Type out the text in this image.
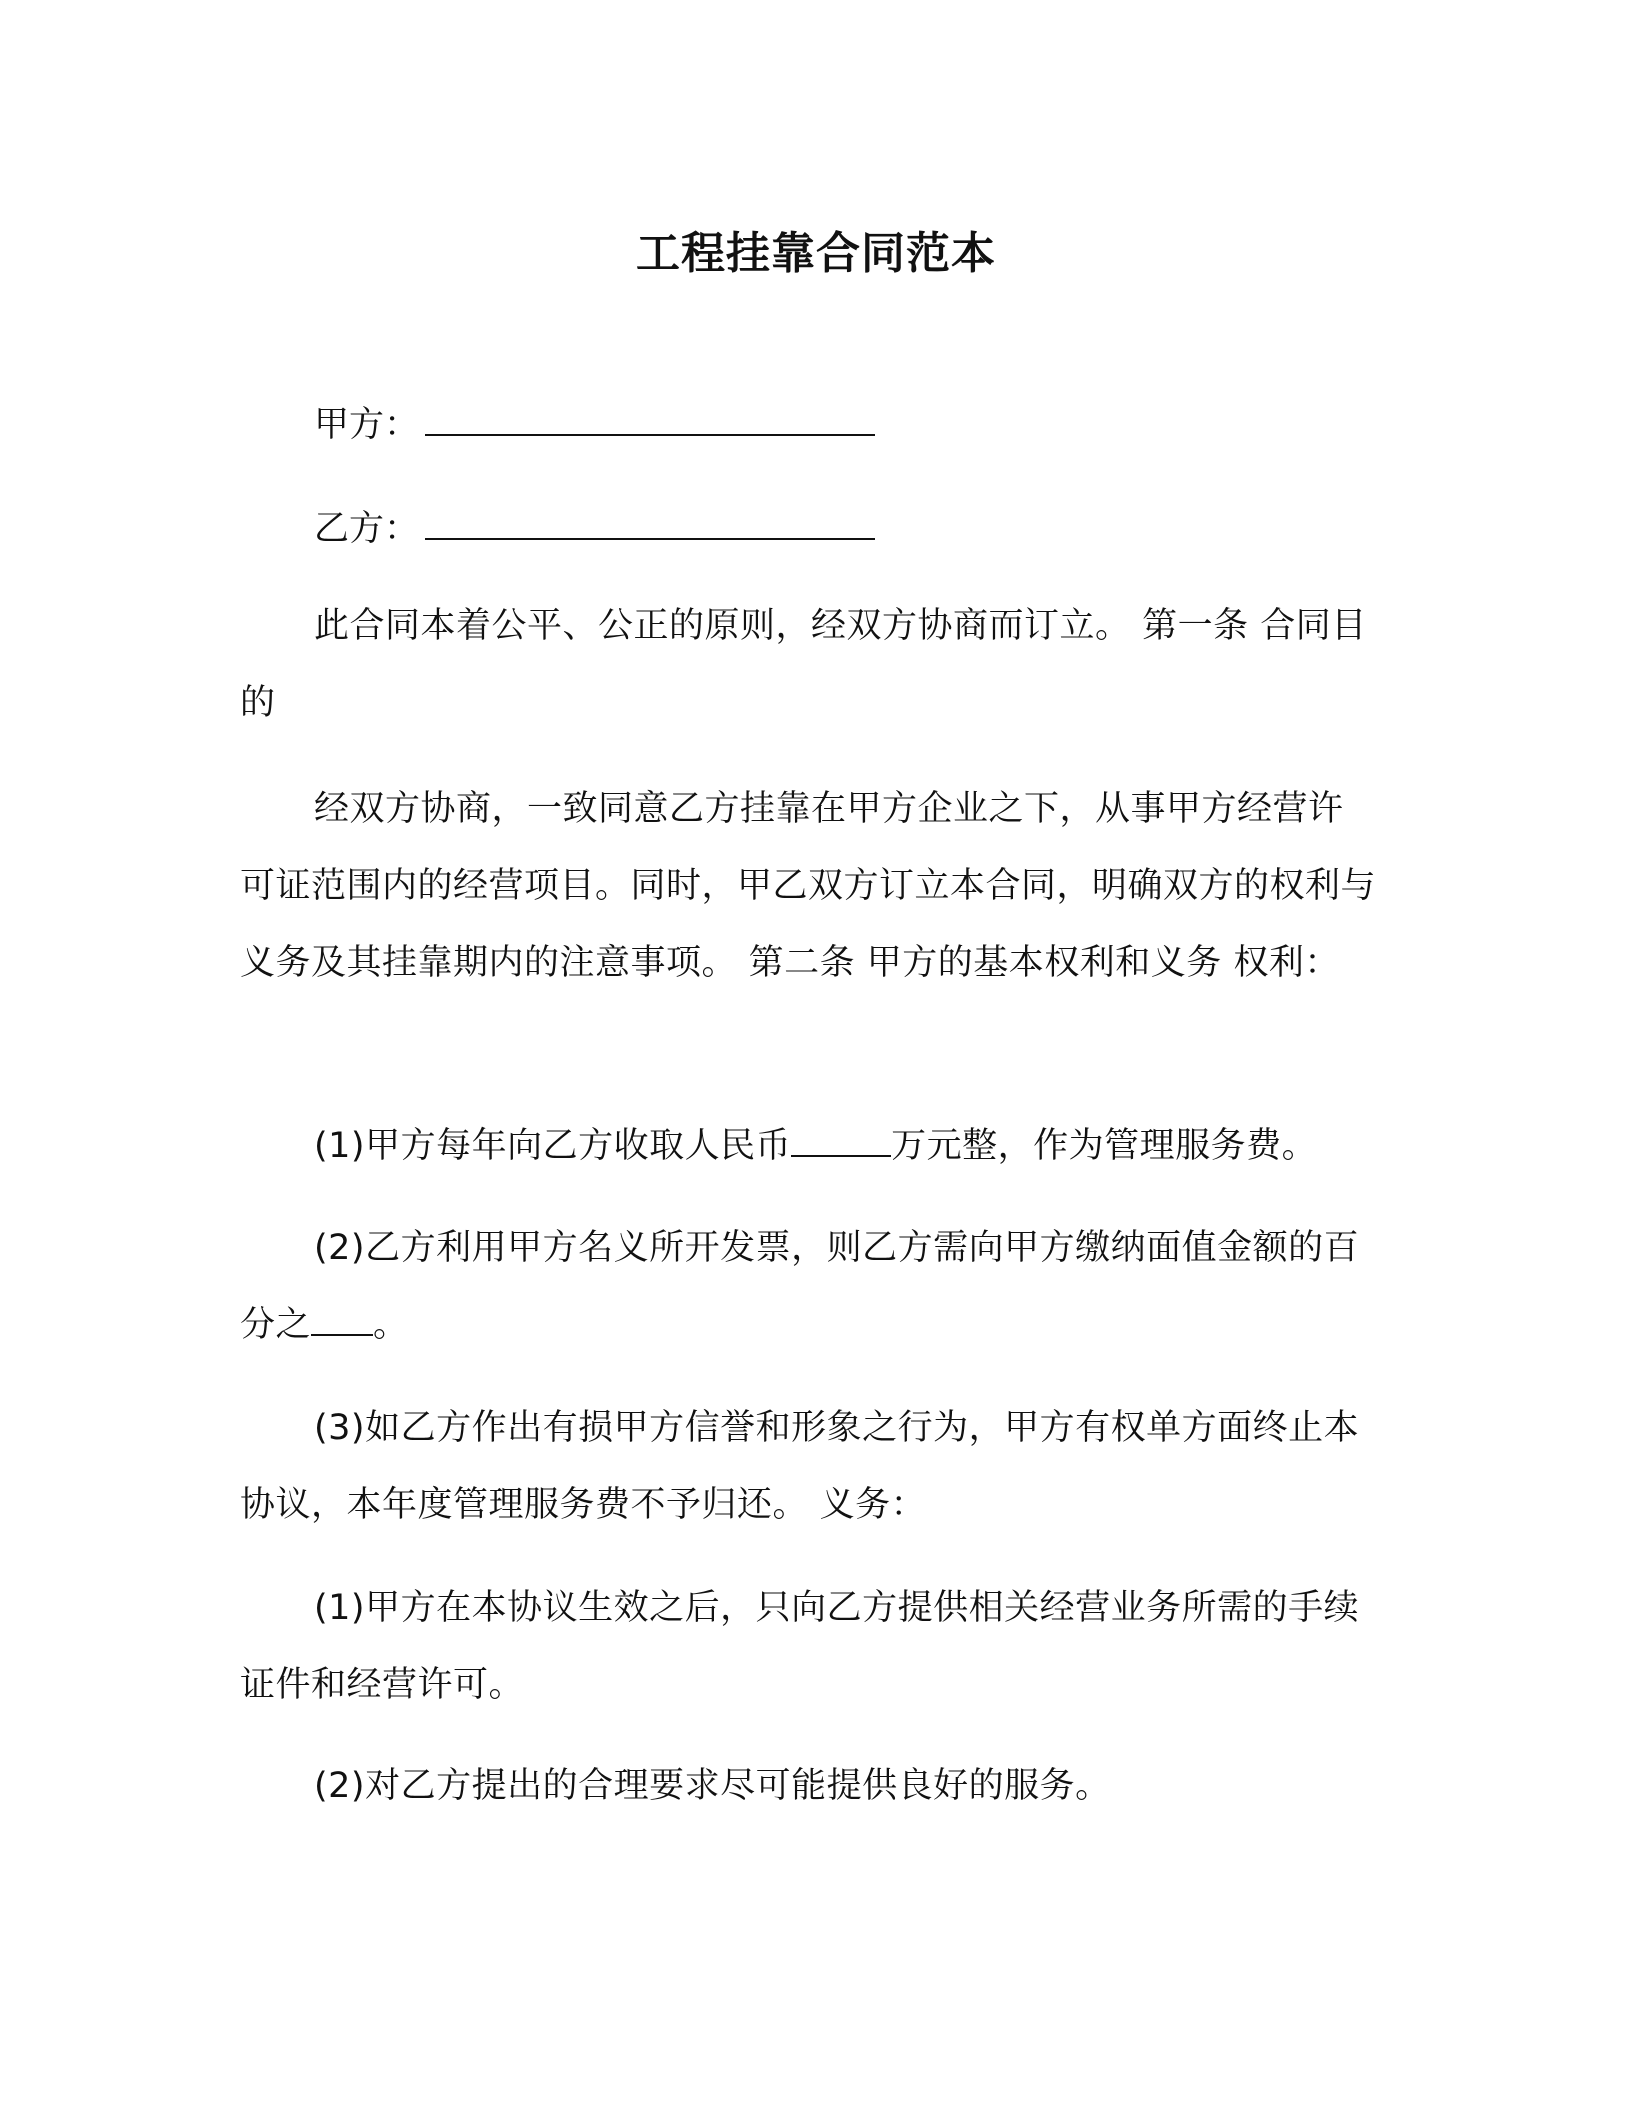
工程挂靠合同范本
甲方：
乙方：

此合同本着公平、公正的原则，经双方协商而订立。 第一条 合同目的

经双方协商，一致同意乙方挂靠在甲方企业之下，从事甲方经营许可证范围内的经营项目。同时，甲乙双方订立本合同，明确双方的权利与义务及其挂靠期内的注意事项。 第二条 甲方的基本权利和义务 权利：

(1)甲方每年向乙方收取人民币	万元整，作为管理服务费。

(2)乙方利用甲方名义所开发票，则乙方需向甲方缴纳面值金额的百分之 。

(3)如乙方作出有损甲方信誉和形象之行为，甲方有权单方面终止本协议，本年度管理服务费不予归还。 义务：

(1)甲方在本协议生效之后，只向乙方提供相关经营业务所需的手续证件和经营许可。

(2)对乙方提出的合理要求尽可能提供良好的服务。
